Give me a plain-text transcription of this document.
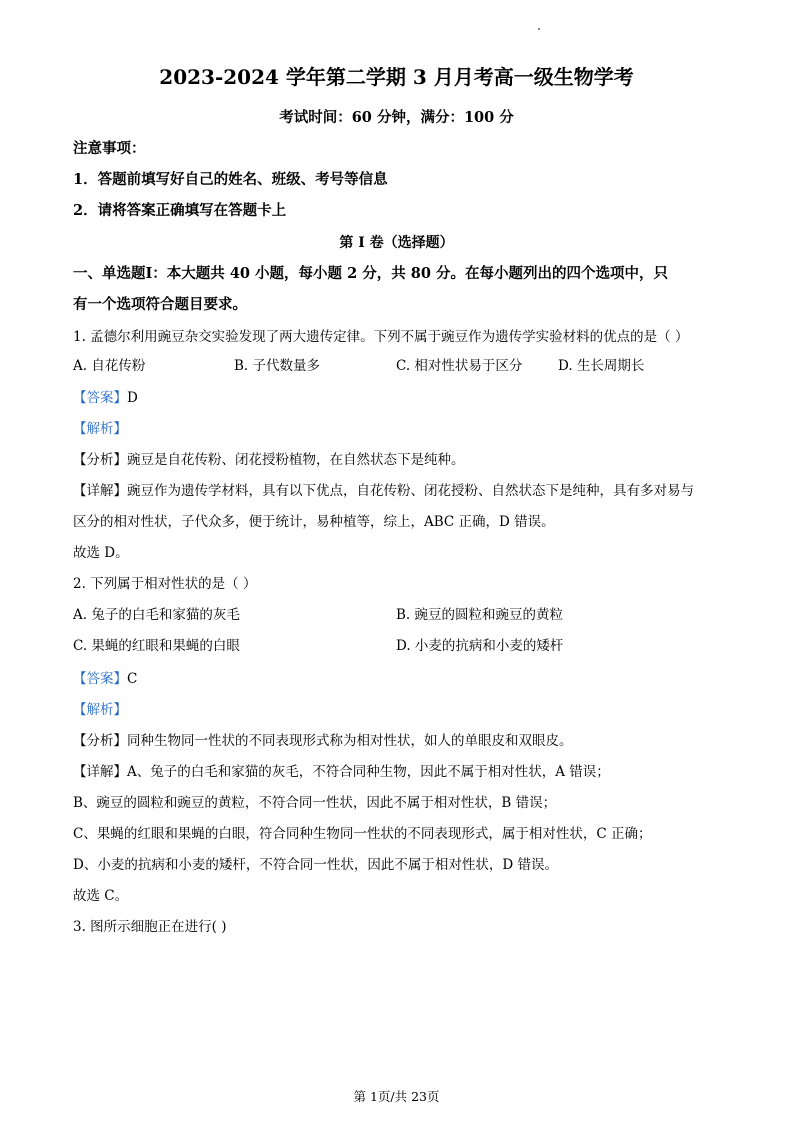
2023-2024 学年第二学期 3 月月考高一级生物学考
考试时间：60 分钟，满分：100 分
注意事项：
1．答题前填写好自己的姓名、班级、考号等信息
2．请将答案正确填写在答题卡上
第 I 卷（选择题）
一、单选题Ⅰ：本大题共 40 小题，每小题 2 分，共 80 分。在每小题列出的四个选项中，只
有一个选项符合题目要求。
1. 孟德尔利用豌豆杂交实验发现了两大遗传定律。下列不属于豌豆作为遗传学实验材料的优点的是（ ）
A. 自花传粉	B. 子代数量多	C. 相对性状易于区分	D. 生长周期长
【答案】D
【解析】
【分析】豌豆是自花传粉、闭花授粉植物，在自然状态下是纯种。
【详解】豌豆作为遗传学材料，具有以下优点，自花传粉、闭花授粉、自然状态下是纯种，具有多对易与
区分的相对性状，子代众多，便于统计，易种植等，综上，ABC 正确，D 错误。
故选 D。
2. 下列属于相对性状的是（ ）
A. 兔子的白毛和家猫的灰毛	B. 豌豆的圆粒和豌豆的黄粒
C. 果蝇的红眼和果蝇的白眼	D. 小麦的抗病和小麦的矮杆
【答案】C
【解析】
【分析】同种生物同一性状的不同表现形式称为相对性状，如人的单眼皮和双眼皮。
【详解】A、兔子的白毛和家猫的灰毛，不符合同种生物，因此不属于相对性状，A 错误；
B、豌豆的圆粒和豌豆的黄粒，不符合同一性状，因此不属于相对性状，B 错误；
C、果蝇的红眼和果蝇的白眼，符合同种生物同一性状的不同表现形式，属于相对性状，C 正确；
D、小麦的抗病和小麦的矮杆，不符合同一性状，因此不属于相对性状，D 错误。
故选 C。
3. 图所示细胞正在进行( )
第 1页/共 23页
